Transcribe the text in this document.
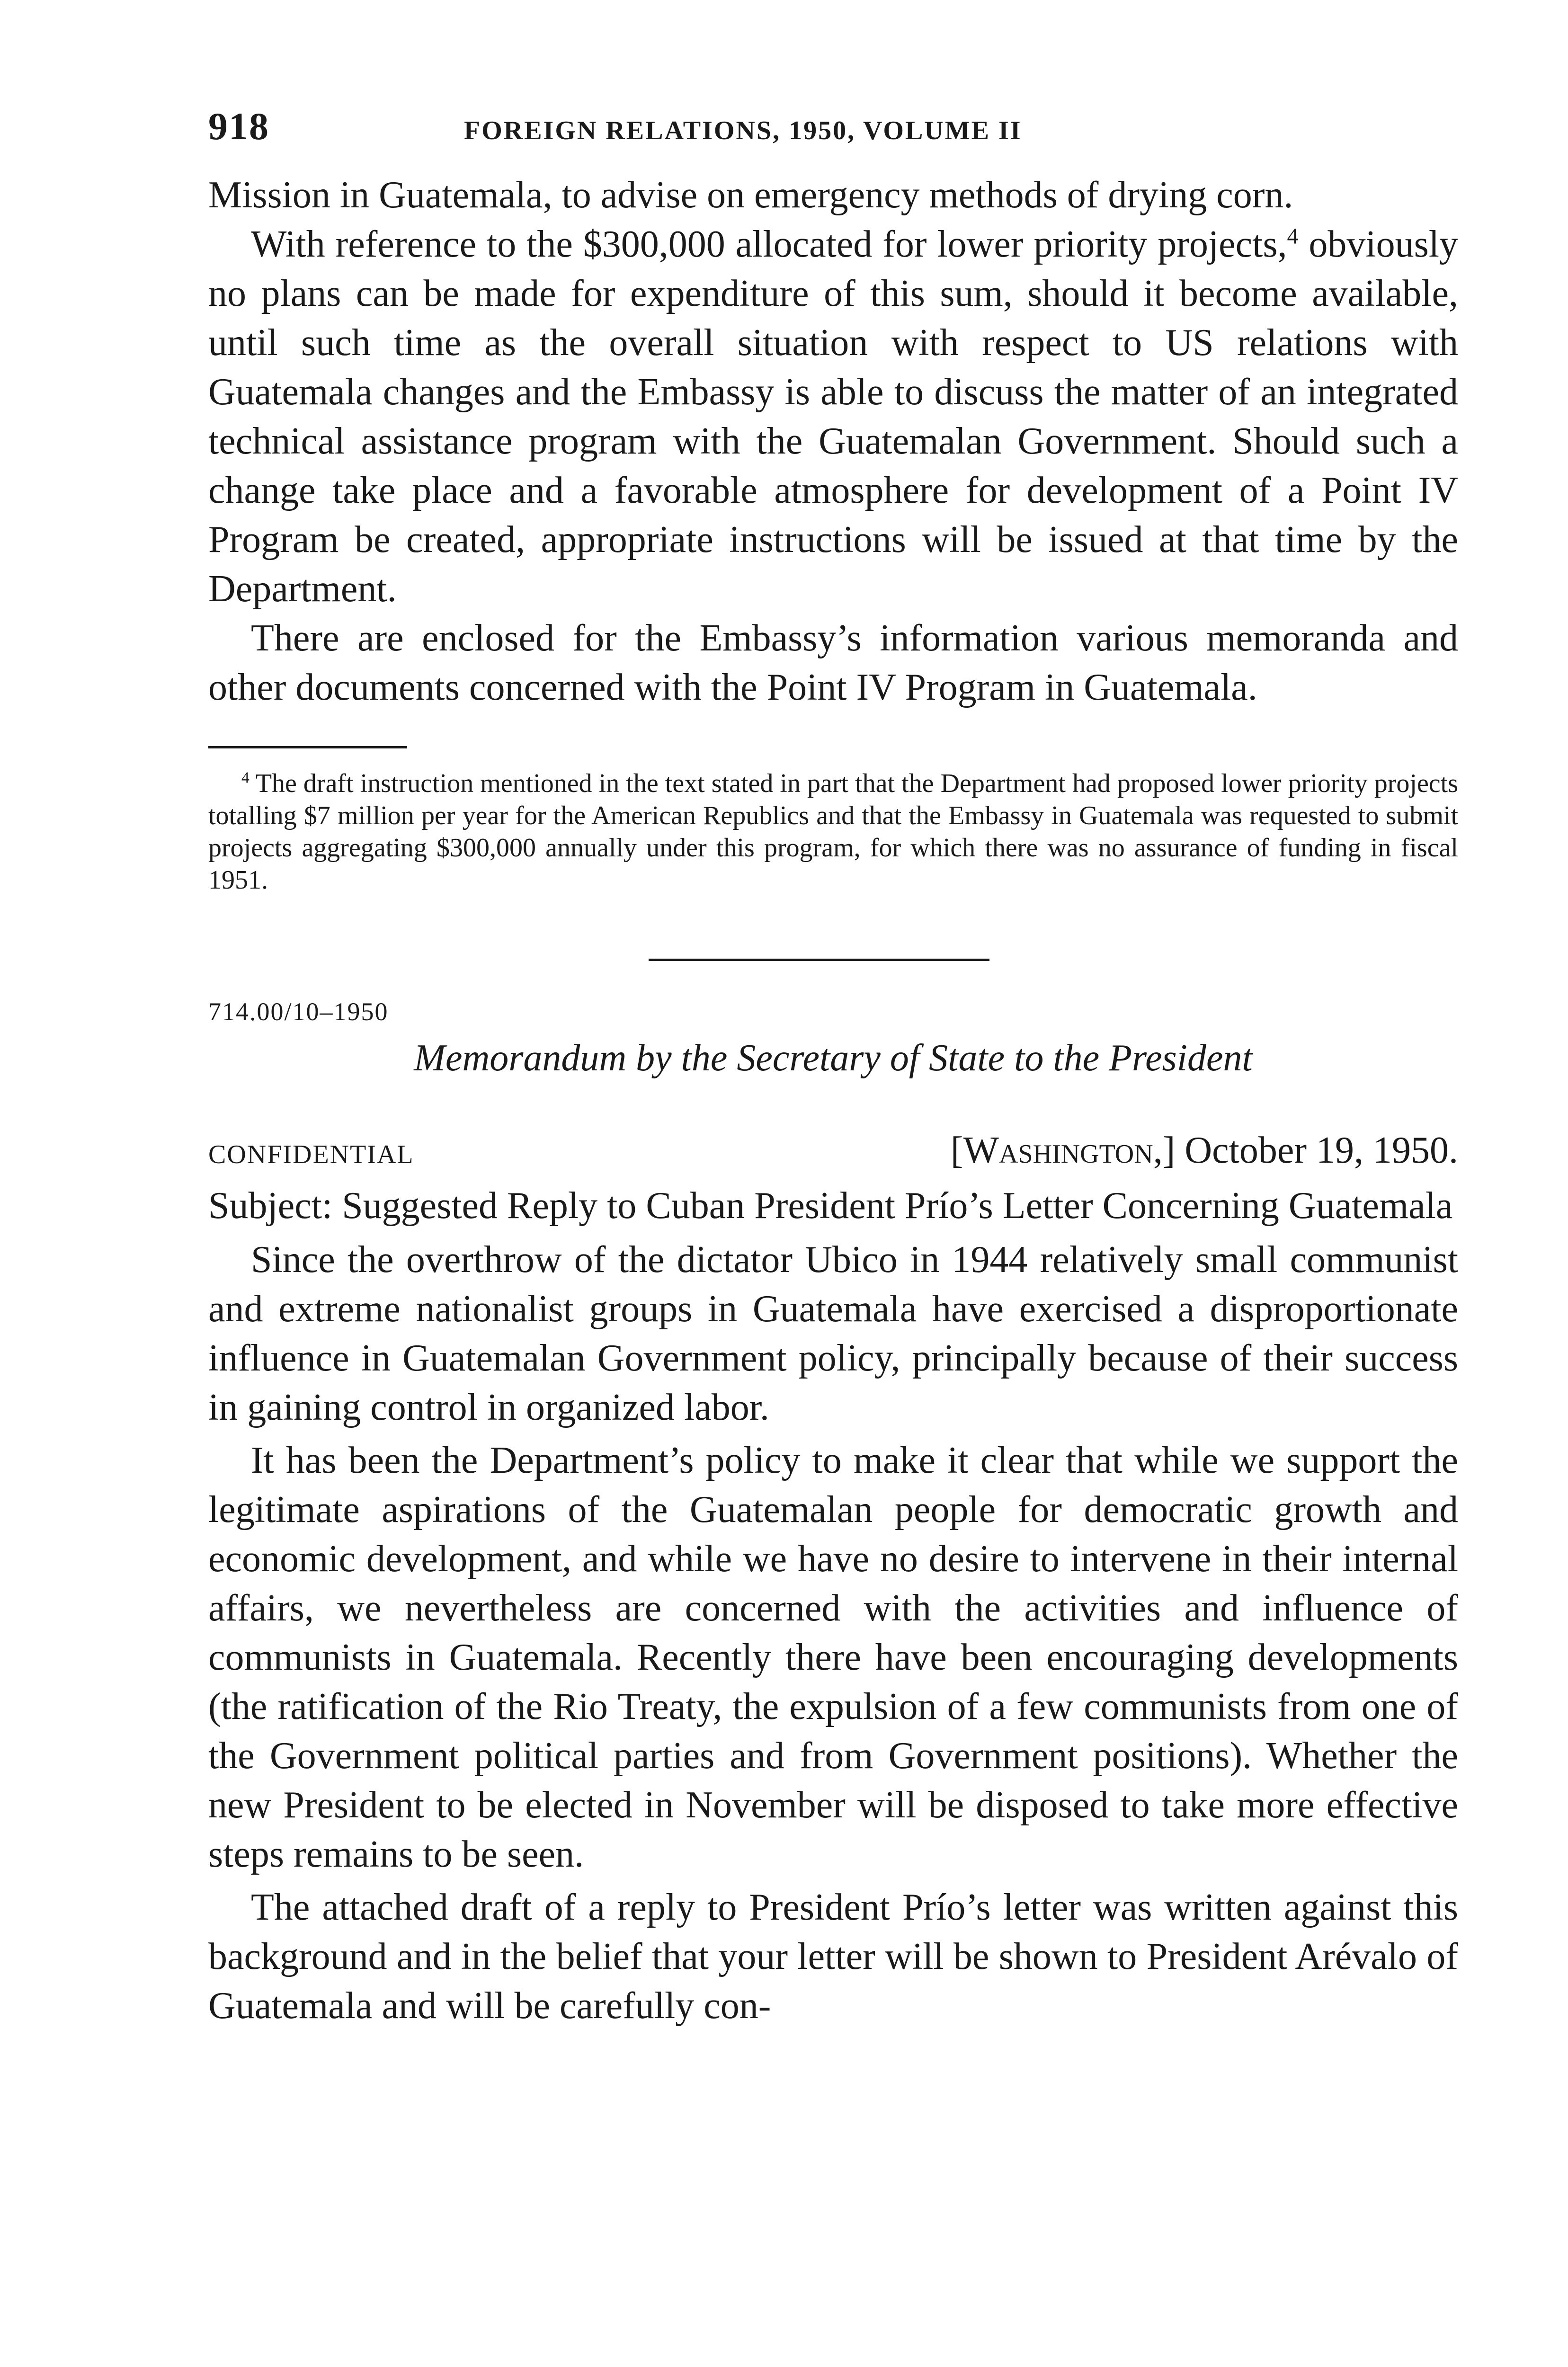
918	FOREIGN RELATIONS, 1950, VOLUME II

Mission in Guatemala, to advise on emergency methods of drying corn.

With reference to the $300,000 allocated for lower priority projects,$^4$ obviously no plans can be made for expenditure of this sum, should it become available, until such time as the overall situation with respect to US relations with Guatemala changes and the Embassy is able to discuss the matter of an integrated technical assistance program with the Guatemalan Government. Should such a change take place and a favorable atmosphere for development of a Point IV Program be created, appropriate instructions will be issued at that time by the Department.

There are enclosed for the Embassy’s information various memoranda and other documents concerned with the Point IV Program in Guatemala.

$^4$ The draft instruction mentioned in the text stated in part that the Department had proposed lower priority projects totalling $7 million per year for the American Republics and that the Embassy in Guatemala was requested to submit projects aggregating $300,000 annually under this program, for which there was no assurance of funding in fiscal 1951.

714.00/10–1950

Memorandum by the Secretary of State to the President

CONFIDENTIAL	[Washington,] October 19, 1950.

Subject: Suggested Reply to Cuban President Prío’s Letter Concerning Guatemala

Since the overthrow of the dictator Ubico in 1944 relatively small communist and extreme nationalist groups in Guatemala have exercised a disproportionate influence in Guatemalan Government policy, principally because of their success in gaining control in organized labor.

It has been the Department’s policy to make it clear that while we support the legitimate aspirations of the Guatemalan people for democratic growth and economic development, and while we have no desire to intervene in their internal affairs, we nevertheless are concerned with the activities and influence of communists in Guatemala. Recently there have been encouraging developments (the ratification of the Rio Treaty, the expulsion of a few communists from one of the Government political parties and from Government positions). Whether the new President to be elected in November will be disposed to take more effective steps remains to be seen.

The attached draft of a reply to President Prío’s letter was written against this background and in the belief that your letter will be shown to President Arévalo of Guatemala and will be carefully con-
